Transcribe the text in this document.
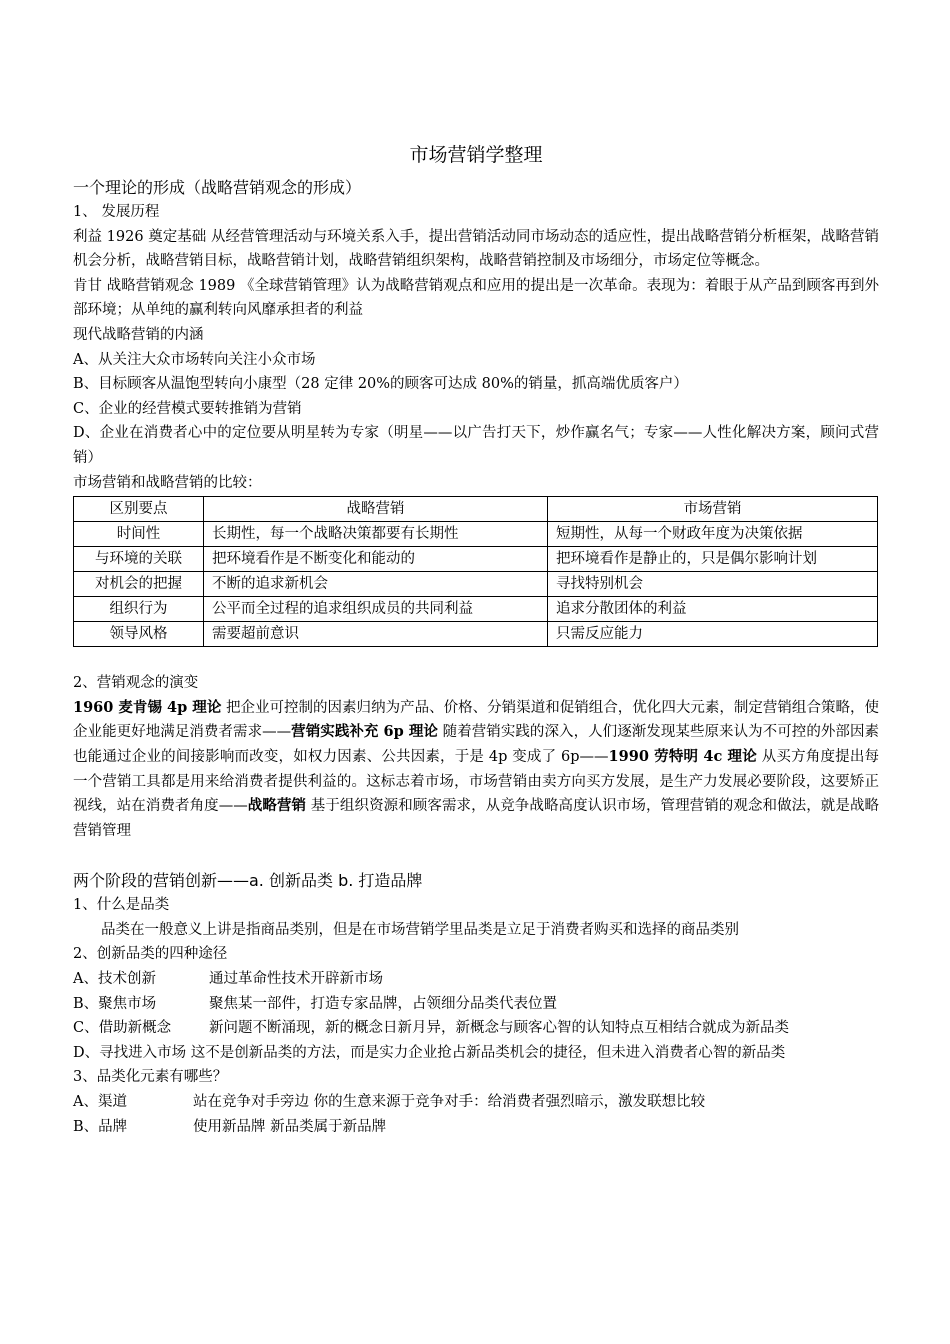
市场营销学整理
一个理论的形成（战略营销观念的形成）

1、 发展历程

利益 1926 奠定基础 从经营管理活动与环境关系入手，提出营销活动同市场动态的适应性，提出战略营销分析框架，战略营销机会分析，战略营销目标，战略营销计划，战略营销组织架构，战略营销控制及市场细分，市场定位等概念。

肯甘 战略营销观念 1989 《全球营销管理》认为战略营销观点和应用的提出是一次革命。表现为：着眼于从产品到顾客再到外部环境；从单纯的赢利转向风靡承担者的利益

现代战略营销的内涵

A、从关注大众市场转向关注小众市场

B、目标顾客从温饱型转向小康型（28 定律 20%的顾客可达成 80%的销量，抓高端优质客户）

C、企业的经营模式要转推销为营销

D、企业在消费者心中的定位要从明星转为专家（明星——以广告打天下，炒作赢名气；专家——人性化解决方案，顾问式营销）

市场营销和战略营销的比较：

区别要点	战略营销	市场营销
时间性	长期性，每一个战略决策都要有长期性	短期性，从每一个财政年度为决策依据
与环境的关联	把环境看作是不断变化和能动的	把环境看作是静止的，只是偶尔影响计划
对机会的把握	不断的追求新机会	寻找特别机会
组织行为	公平而全过程的追求组织成员的共同利益	追求分散团体的利益
领导风格	需要超前意识	只需反应能力

2、营销观念的演变

1960 麦肯锡 4p 理论 把企业可控制的因素归纳为产品、价格、分销渠道和促销组合，优化四大元素，制定营销组合策略，使企业能更好地满足消费者需求——营销实践补充 6p 理论 随着营销实践的深入，人们逐渐发现某些原来认为不可控的外部因素也能通过企业的间接影响而改变，如权力因素、公共因素，于是 4p 变成了 6p——1990 劳特明 4c 理论 从买方角度提出每一个营销工具都是用来给消费者提供利益的。这标志着市场，市场营销由卖方向买方发展，是生产力发展必要阶段，这要矫正视线，站在消费者角度——战略营销 基于组织资源和顾客需求，从竞争战略高度认识市场，管理营销的观念和做法，就是战略营销管理

两个阶段的营销创新——a. 创新品类 b. 打造品牌

1、什么是品类

品类在一般意义上讲是指商品类别，但是在市场营销学里品类是立足于消费者购买和选择的商品类别

2、创新品类的四种途径

A、技术创新	通过革命性技术开辟新市场
B、聚焦市场	聚焦某一部件，打造专家品牌，占领细分品类代表位置
C、借助新概念	新问题不断涌现，新的概念日新月异，新概念与顾客心智的认知特点互相结合就成为新品类

D、寻找进入市场 这不是创新品类的方法，而是实力企业抢占新品类机会的捷径，但未进入消费者心智的新品类

3、品类化元素有哪些？

A、渠道	站在竞争对手旁边 你的生意来源于竞争对手：给消费者强烈暗示，激发联想比较
B、品牌	使用新品牌 新品类属于新品牌
